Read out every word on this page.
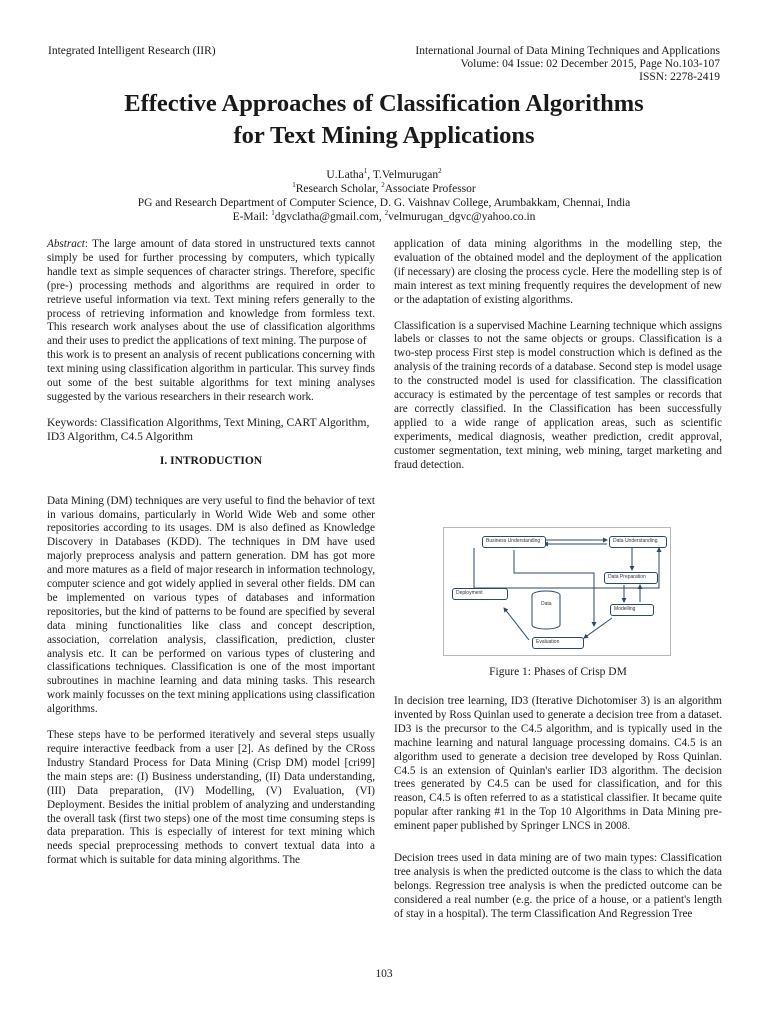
Integrated Intelligent Research (IIR)	International Journal of Data Mining Techniques and Applications
Volume: 04 Issue: 02 December 2015, Page No.103-107
ISSN: 2278-2419
Effective Approaches of Classification Algorithms
for Text Mining Applications
U.Latha$^1$, T.Velmurugan$^2$
$^1$Research Scholar, $^2$Associate Professor
PG and Research Department of Computer Science, D. G. Vaishnav College, Arumbakkam, Chennai, India
E-Mail: $^1$dgvclatha@gmail.com, $^2$velmurugan_dgvc@yahoo.co.in

Abstract: The large amount of data stored in unstructured texts cannot simply be used for further processing by computers, which typically handle text as simple sequences of character strings. Therefore, specific (pre-) processing methods and algorithms are required in order to retrieve useful information via text. Text mining refers generally to the process of retrieving information and knowledge from formless text. This research work analyses about the use of classification algorithms and their uses to predict the applications of text mining. The purpose of

this work is to present an analysis of recent publications concerning with text mining using classification algorithm in particular. This survey finds out some of the best suitable algorithms for text mining analyses suggested by the various researchers in their research work.

Keywords: Classification Algorithms, Text Mining, CART Algorithm, ID3 Algorithm, C4.5 Algorithm

I. INTRODUCTION

Data Mining (DM) techniques are very useful to find the behavior of text in various domains, particularly in World Wide Web and some other repositories according to its usages. DM is also defined as Knowledge Discovery in Databases (KDD). The techniques in DM have used majorly preprocess analysis and pattern generation. DM has got more and more matures as a field of major research in information technology, computer science and got widely applied in several other fields. DM can be implemented on various types of databases and information repositories, but the kind of patterns to be found are specified by several data mining functionalities like class and concept description, association, correlation analysis, classification, prediction, cluster analysis etc. It can be performed on various types of clustering and classifications techniques. Classification is one of the most important subroutines in machine learning and data mining tasks. This research work mainly focusses on the text mining applications using classification algorithms.

These steps have to be performed iteratively and several steps usually require interactive feedback from a user [2]. As defined by the CRoss Industry Standard Process for Data Mining (Crisp DM) model [cri99] the main steps are: (I) Business understanding, (II) Data understanding, (III) Data preparation, (IV) Modelling, (V) Evaluation, (VI) Deployment. Besides the initial problem of analyzing and understanding the overall task (first two steps) one of the most time consuming steps is data preparation. This is especially of interest for text mining which needs special preprocessing methods to convert textual data into a format which is suitable for data mining algorithms. The

application of data mining algorithms in the modelling step, the evaluation of the obtained model and the deployment of the application (if necessary) are closing the process cycle. Here the modelling step is of main interest as text mining frequently requires the development of new or the adaptation of existing algorithms.

Classification is a supervised Machine Learning technique which assigns labels or classes to not the same objects or groups. Classification is a two-step process First step is model construction which is defined as the analysis of the training records of a database. Second step is model usage to the constructed model is used for classification. The classification accuracy is estimated by the percentage of test samples or records that are correctly classified. In the Classification has been successfully applied to a wide range of application areas, such as scientific experiments, medical diagnosis, weather prediction, credit approval, customer segmentation, text mining, web mining, target marketing and fraud detection.

Business Understanding	Data Understanding
Data Preparation
Deployment
Data
Modelling
Evaluation
Figure 1: Phases of Crisp DM

In decision tree learning, ID3 (Iterative Dichotomiser 3) is an algorithm invented by Ross Quinlan used to generate a decision tree from a dataset. ID3 is the precursor to the C4.5 algorithm, and is typically used in the machine learning and natural language processing domains. C4.5 is an algorithm used to generate a decision tree developed by Ross Quinlan. C4.5 is an extension of Quinlan's earlier ID3 algorithm. The decision trees generated by C4.5 can be used for classification, and for this reason, C4.5 is often referred to as a statistical classifier. It became quite popular after ranking #1 in the Top 10 Algorithms in Data Mining pre-eminent paper published by Springer LNCS in 2008.

Decision trees used in data mining are of two main types: Classification tree analysis is when the predicted outcome is the class to which the data belongs. Regression tree analysis is when the predicted outcome can be considered a real number (e.g. the price of a house, or a patient's length of stay in a hospital). The term Classification And Regression Tree

103
